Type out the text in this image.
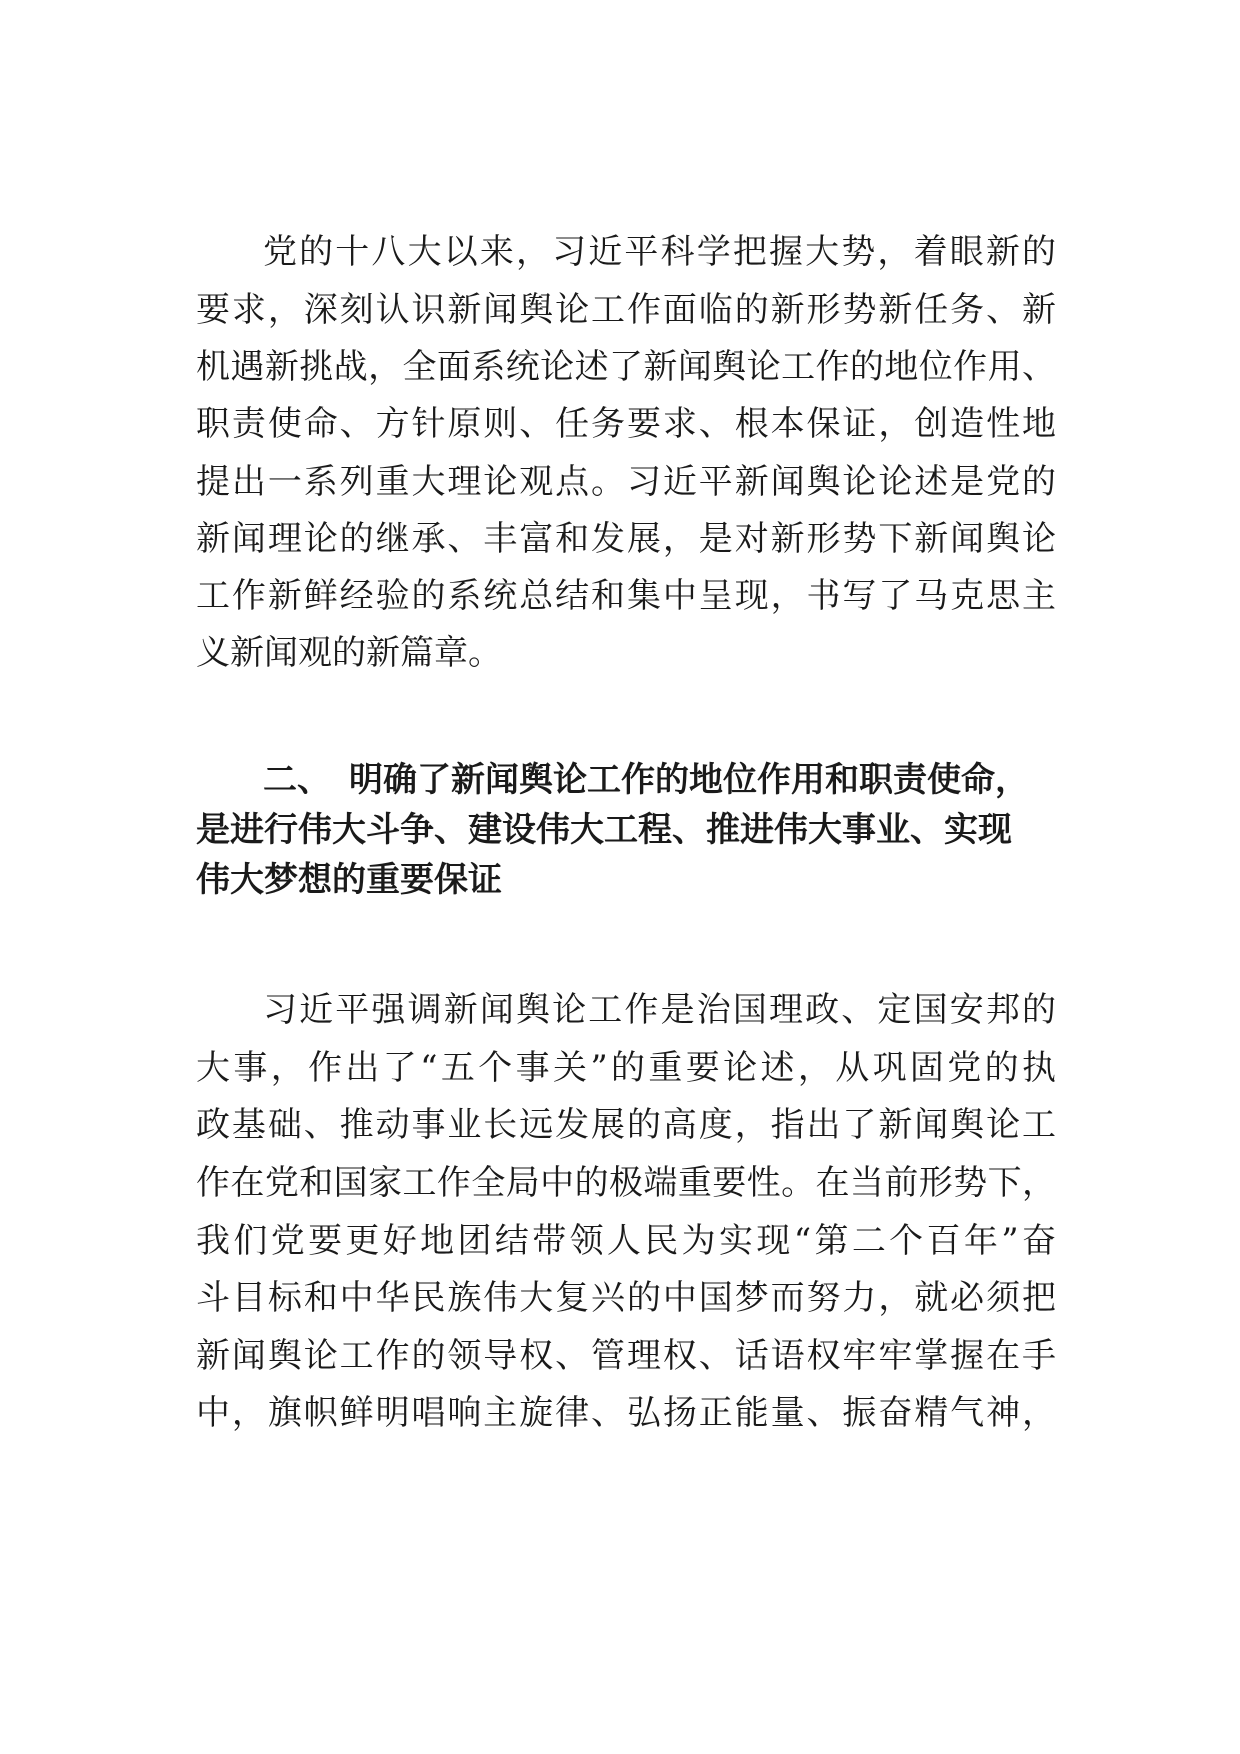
党的十八大以来，习近平科学把握大势，着眼新的
要求，深刻认识新闻舆论工作面临的新形势新任务、新
机遇新挑战，全面系统论述了新闻舆论工作的地位作用、
职责使命、方针原则、任务要求、根本保证，创造性地
提出一系列重大理论观点。习近平新闻舆论论述是党的
新闻理论的继承、丰富和发展，是对新形势下新闻舆论
工作新鲜经验的系统总结和集中呈现，书写了马克思主
义新闻观的新篇章。
二、 明确了新闻舆论工作的地位作用和职责使命，
是进行伟大斗争、建设伟大工程、推进伟大事业、实现
伟大梦想的重要保证
习近平强调新闻舆论工作是治国理政、定国安邦的
大事，作出了“五个事关”的重要论述，从巩固党的执
政基础、推动事业长远发展的高度，指出了新闻舆论工
作在党和国家工作全局中的极端重要性。在当前形势下，
我们党要更好地团结带领人民为实现“第二个百年”奋
斗目标和中华民族伟大复兴的中国梦而努力，就必须把
新闻舆论工作的领导权、管理权、话语权牢牢掌握在手
中，旗帜鲜明唱响主旋律、弘扬正能量、振奋精气神，
